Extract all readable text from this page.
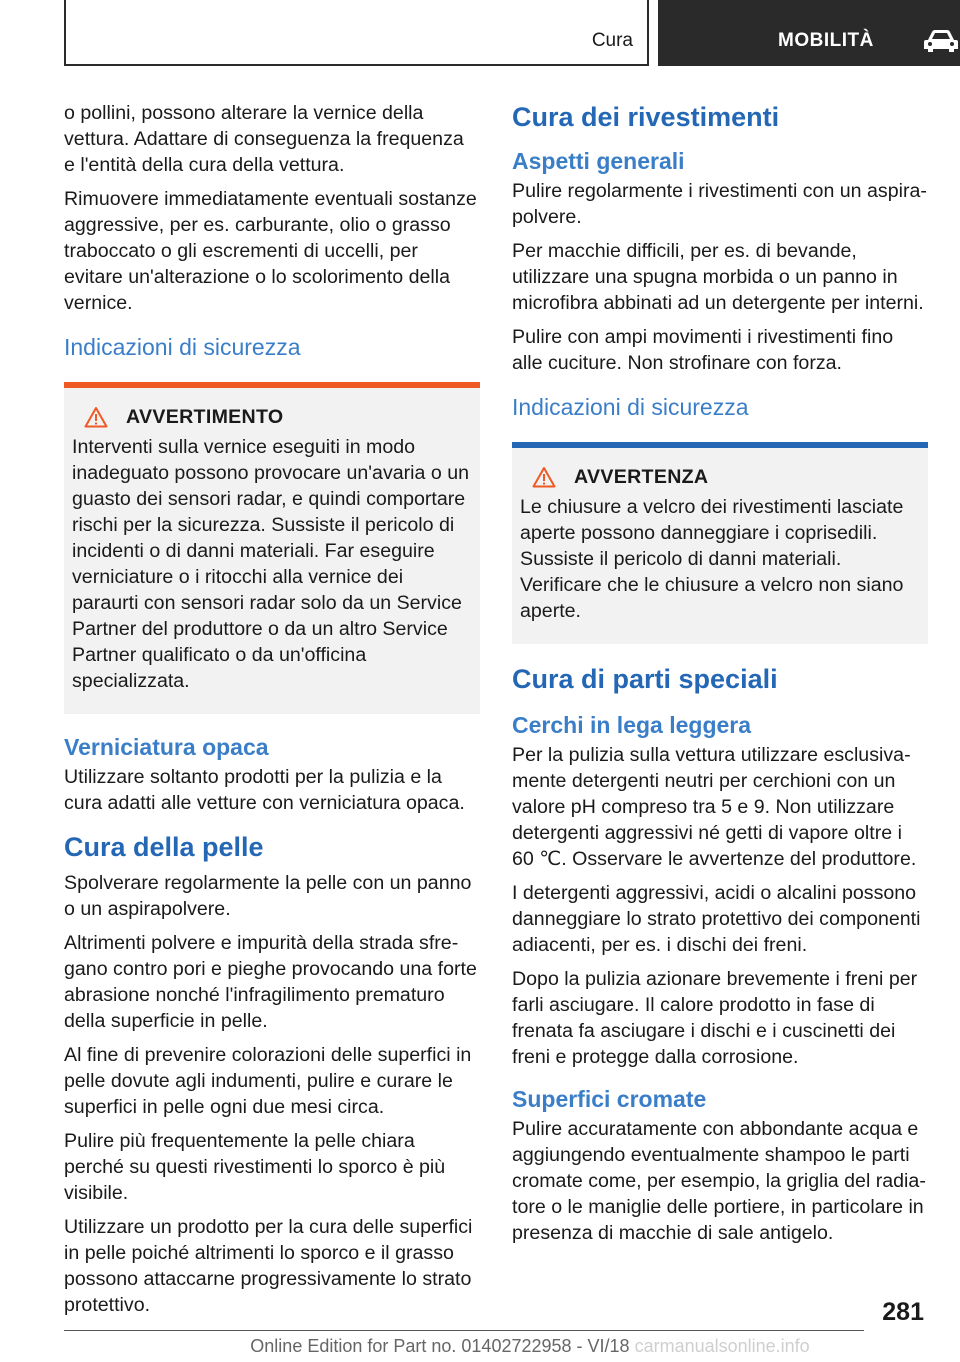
Cura	MOBILITÀ

o pollini, possono alterare la vernice della vettura. Adattare di conseguenza la frequenza e l'entità della cura della vettura.

Rimuovere immediatamente eventuali sostanze aggressive, per es. carburante, olio o grasso traboccato o gli escrementi di uccelli, per evitare un'alterazione o lo scolorimento della vernice.

Indicazioni di sicurezza
AVVERTIMENTO

Interventi sulla vernice eseguiti in modo inadeguato possono provocare un'avaria o un guasto dei sensori radar, e quindi comportare rischi per la sicurezza. Sussiste il pericolo di incidenti o di danni materiali. Far eseguire verniciature o i ritocchi alla vernice dei paraurti con sensori radar solo da un Service Partner del produttore o da un altro Service Partner qualificato o da un'officina specializzata.

Verniciatura opaca

Utilizzare soltanto prodotti per la pulizia e la cura adatti alle vetture con verniciatura opaca.

Cura della pelle

Spolverare regolarmente la pelle con un panno o un aspirapolvere.

Altrimenti polvere e impurità della strada sfregano contro pori e pieghe provocando una forte abrasione nonché l'infragilimento prematuro della superficie in pelle.

Al fine di prevenire colorazioni delle superfici in pelle dovute agli indumenti, pulire e curare le superfici in pelle ogni due mesi circa.

Pulire più frequentemente la pelle chiara perché su questi rivestimenti lo sporco è più visibile.

Utilizzare un prodotto per la cura delle superfici in pelle poiché altrimenti lo sporco e il grasso possono attaccarne progressivamente lo strato protettivo.

Cura dei rivestimenti
Aspetti generali

Pulire regolarmente i rivestimenti con un aspirapolvere.

Per macchie difficili, per es. di bevande, utilizzare una spugna morbida o un panno in microfibra abbinati ad un detergente per interni.

Pulire con ampi movimenti i rivestimenti fino alle cuciture. Non strofinare con forza.

Indicazioni di sicurezza
AVVERTENZA

Le chiusure a velcro dei rivestimenti lasciate aperte possono danneggiare i coprisedili. Sussiste il pericolo di danni materiali. Verificare che le chiusure a velcro non siano aperte.

Cura di parti speciali
Cerchi in lega leggera

Per la pulizia sulla vettura utilizzare esclusivamente detergenti neutri per cerchioni con un valore pH compreso tra 5 e 9. Non utilizzare detergenti aggressivi né getti di vapore oltre i 60 ℃. Osservare le avvertenze del produttore.

I detergenti aggressivi, acidi o alcalini possono danneggiare lo strato protettivo dei componenti adiacenti, per es. i dischi dei freni.

Dopo la pulizia azionare brevemente i freni per farli asciugare. Il calore prodotto in fase di frenata fa asciugare i dischi e i cuscinetti dei freni e protegge dalla corrosione.

Superfici cromate

Pulire accuratamente con abbondante acqua e aggiungendo eventualmente shampoo le parti cromate come, per esempio, la griglia del radiatore o le maniglie delle portiere, in particolare in presenza di macchie di sale antigelo.

281
Online Edition for Part no. 01402722958 - VI/18 carmanualsonline.info
